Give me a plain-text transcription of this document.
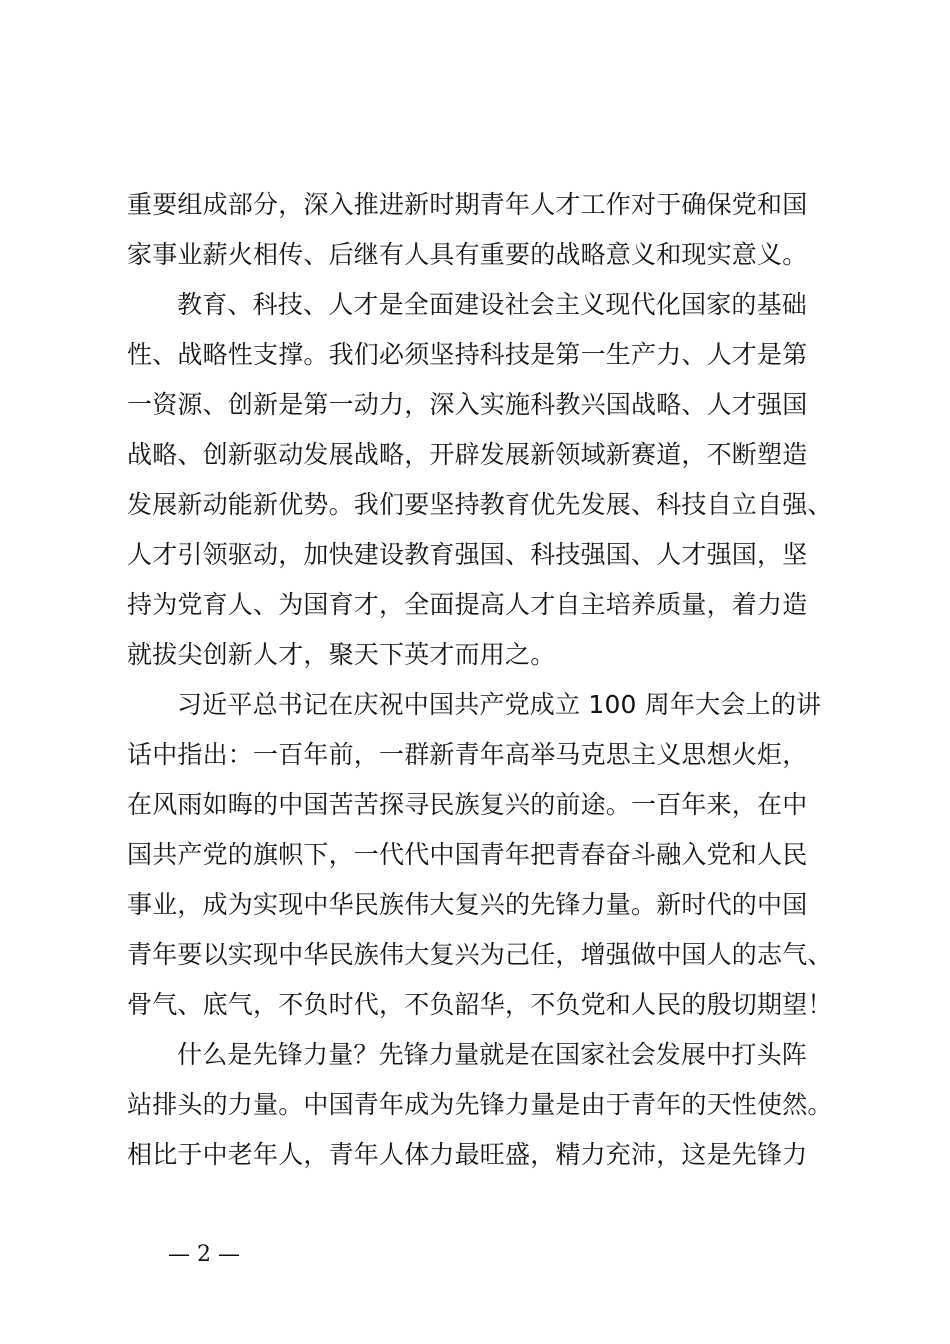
重要组成部分，深入推进新时期青年人才工作对于确保党和国
家事业薪火相传、后继有人具有重要的战略意义和现实意义。
教育、科技、人才是全面建设社会主义现代化国家的基础
性、战略性支撑。我们必须坚持科技是第一生产力、人才是第
一资源、创新是第一动力，深入实施科教兴国战略、人才强国
战略、创新驱动发展战略，开辟发展新领域新赛道，不断塑造
发展新动能新优势。我们要坚持教育优先发展、科技自立自强、
人才引领驱动，加快建设教育强国、科技强国、人才强国，坚
持为党育人、为国育才，全面提高人才自主培养质量，着力造
就拔尖创新人才，聚天下英才而用之。
习近平总书记在庆祝中国共产党成立 100 周年大会上的讲
话中指出：一百年前，一群新青年高举马克思主义思想火炬，
在风雨如晦的中国苦苦探寻民族复兴的前途。一百年来，在中
国共产党的旗帜下，一代代中国青年把青春奋斗融入党和人民
事业，成为实现中华民族伟大复兴的先锋力量。新时代的中国
青年要以实现中华民族伟大复兴为己任，增强做中国人的志气、
骨气、底气，不负时代，不负韶华，不负党和人民的殷切期望！
什么是先锋力量？先锋力量就是在国家社会发展中打头阵
站排头的力量。中国青年成为先锋力量是由于青年的天性使然。
相比于中老年人，青年人体力最旺盛，精力充沛，这是先锋力
— 2 —
